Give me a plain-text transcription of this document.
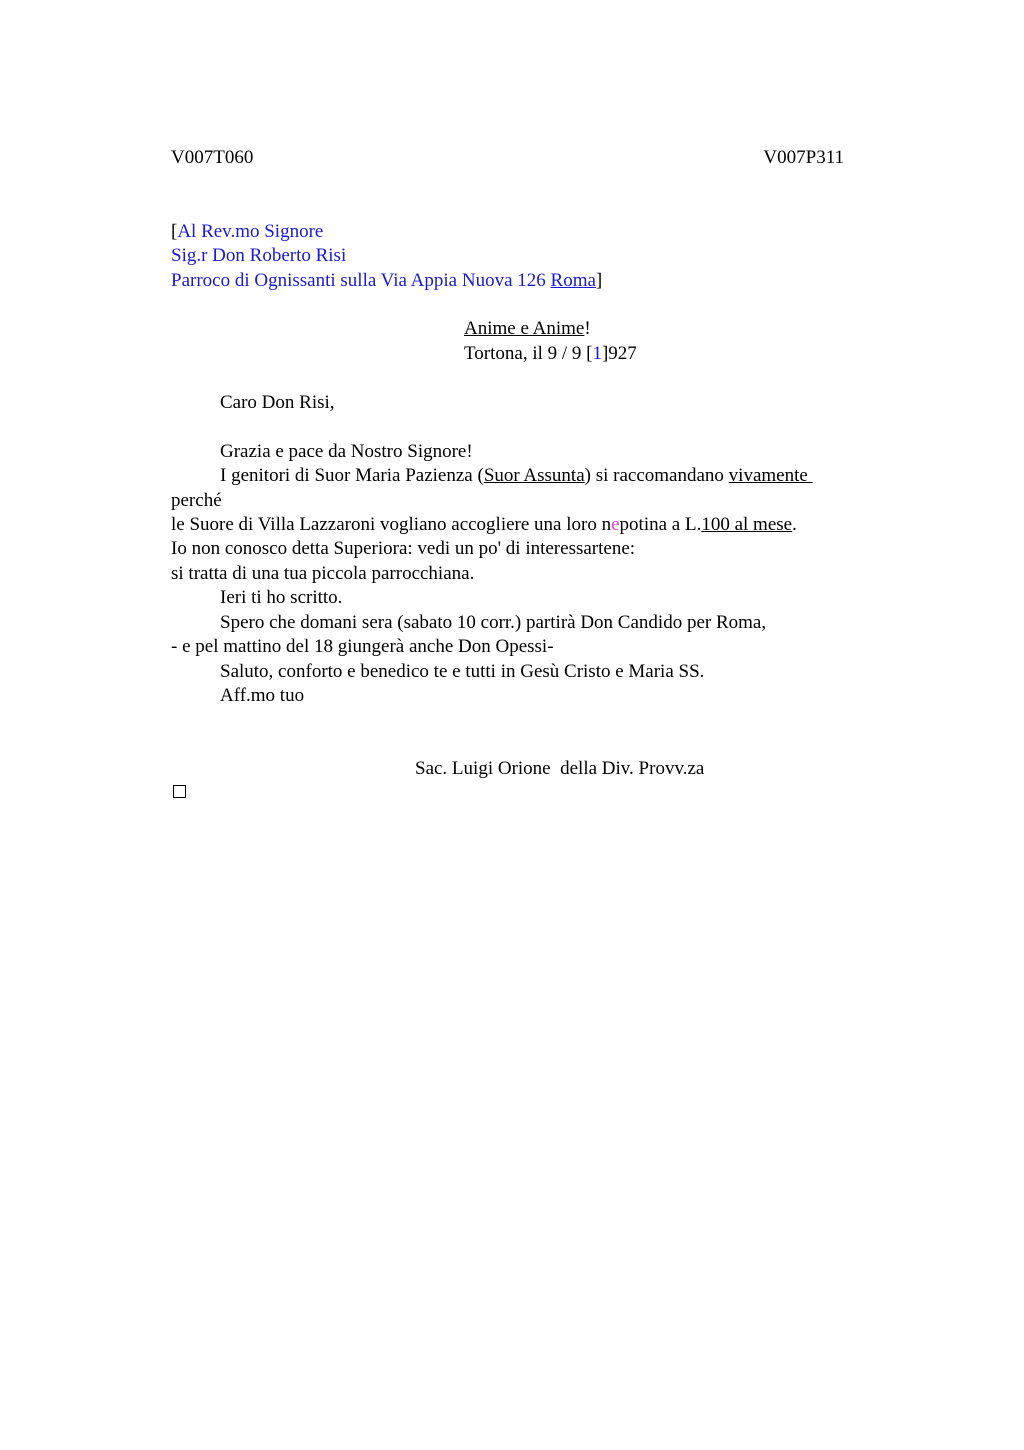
V007T060	V007P311
[Al Rev.mo Signore
Sig.r Don Roberto Risi
Parroco di Ognissanti sulla Via Appia Nuova 126 Roma]
Anime e Anime!
Tortona, il 9 / 9 [1]927
Caro Don Risi,
Grazia e pace da Nostro Signore!
I genitori di Suor Maria Pazienza (Suor Assunta) si raccomandano vivamente
perché
le Suore di Villa Lazzaroni vogliano accogliere una loro nepotina a L.100 al mese.
Io non conosco detta Superiora: vedi un po' di interessartene:
si tratta di una tua piccola parrocchiana.
Ieri ti ho scritto.
Spero che domani sera (sabato 10 corr.) partirà Don Candido per Roma,
- e pel mattino del 18 giungerà anche Don Opessi-
Saluto, conforto e benedico te e tutti in Gesù Cristo e Maria SS.
Aff.mo tuo
Sac. Luigi Orione  della Div. Provv.za
